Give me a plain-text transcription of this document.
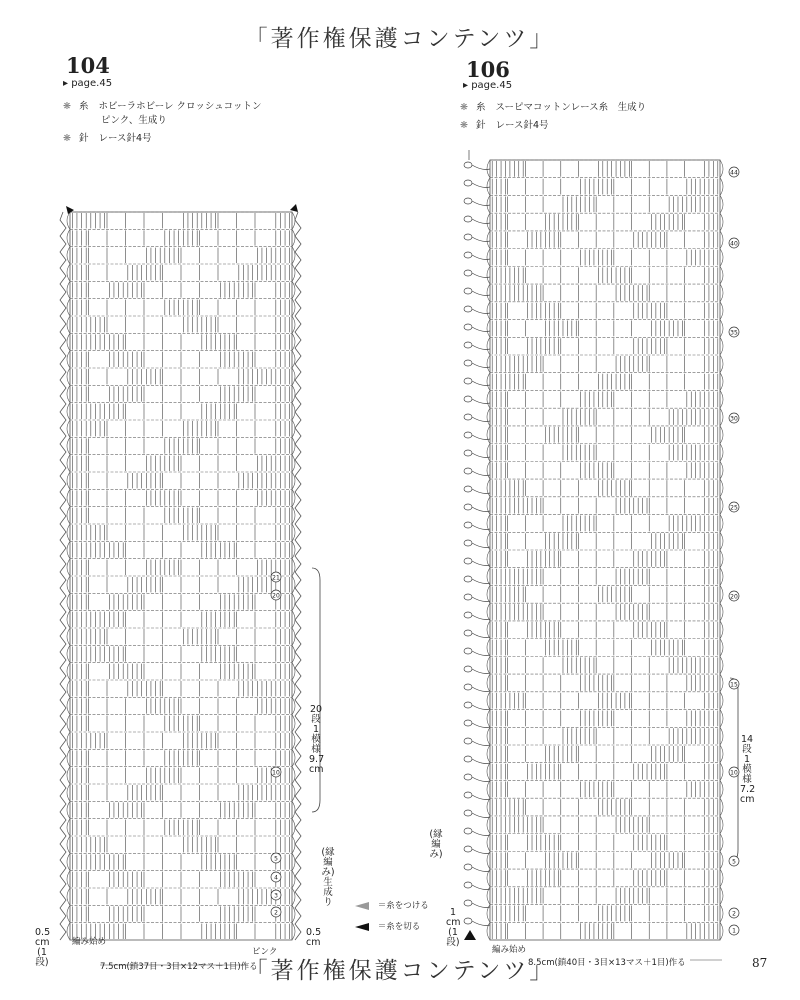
「著作権保護コンテンツ」
「著作権保護コンテンツ」
104
▸ page.45
❋ 糸 ホビーラホビーレ クロッシュコットン
ピンク、生成り
❋ 針 レース針4号
106
▸ page.45
❋ 糸 スーピマコットンレース糸　生成り
❋ 針 レース針4号
21
20
10
5
4
3
2
44
40
35
30
25
20
15
10
5
2
1
20段1模様 9.7 cm
(縁編み)生成り
編み始め
ピンク
7.5cm(鎖37目・3目×12マス＋1目)作る
0.5 cm (1段)
0.5 cm
14段1模様 7.2 cm
(縁編み)
編み始め
8.5cm(鎖40目・3目×13マス＋1目)作る
1 cm (1段)
＝糸をつける
＝糸を切る
87
